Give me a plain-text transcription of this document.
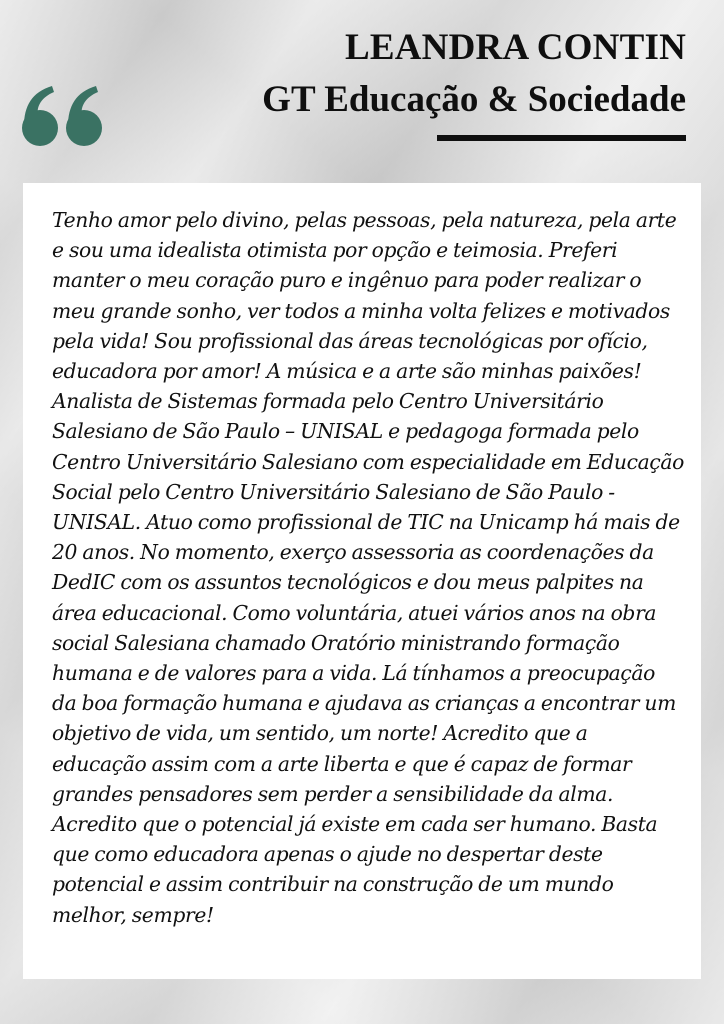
LEANDRA CONTIN
GT Educação & Sociedade

Tenho amor pelo divino, pelas pessoas, pela natureza, pela arte e sou uma idealista otimista por opção e teimosia. Preferi manter o meu coração puro e ingênuo para poder realizar o meu grande sonho, ver todos a minha volta felizes e motivados pela vida! Sou profissional das áreas tecnológicas por ofício, educadora por amor! A música e a arte são minhas paixões! Analista de Sistemas formada pelo Centro Universitário Salesiano de São Paulo – UNISAL e pedagoga formada pelo Centro Universitário Salesiano com especialidade em Educação Social pelo Centro Universitário Salesiano de São Paulo - UNISAL. Atuo como profissional de TIC na Unicamp há mais de 20 anos. No momento, exerço assessoria as coordenações da DedIC com os assuntos tecnológicos e dou meus palpites na área educacional. Como voluntária, atuei vários anos na obra social Salesiana chamado Oratório ministrando formação humana e de valores para a vida. Lá tínhamos a preocupação da boa formação humana e ajudava as crianças a encontrar um objetivo de vida, um sentido, um norte! Acredito que a educação assim com a arte liberta e que é capaz de formar grandes pensadores sem perder a sensibilidade da alma. Acredito que o potencial já existe em cada ser humano. Basta que como educadora apenas o ajude no despertar deste potencial e assim contribuir na construção de um mundo melhor, sempre!
